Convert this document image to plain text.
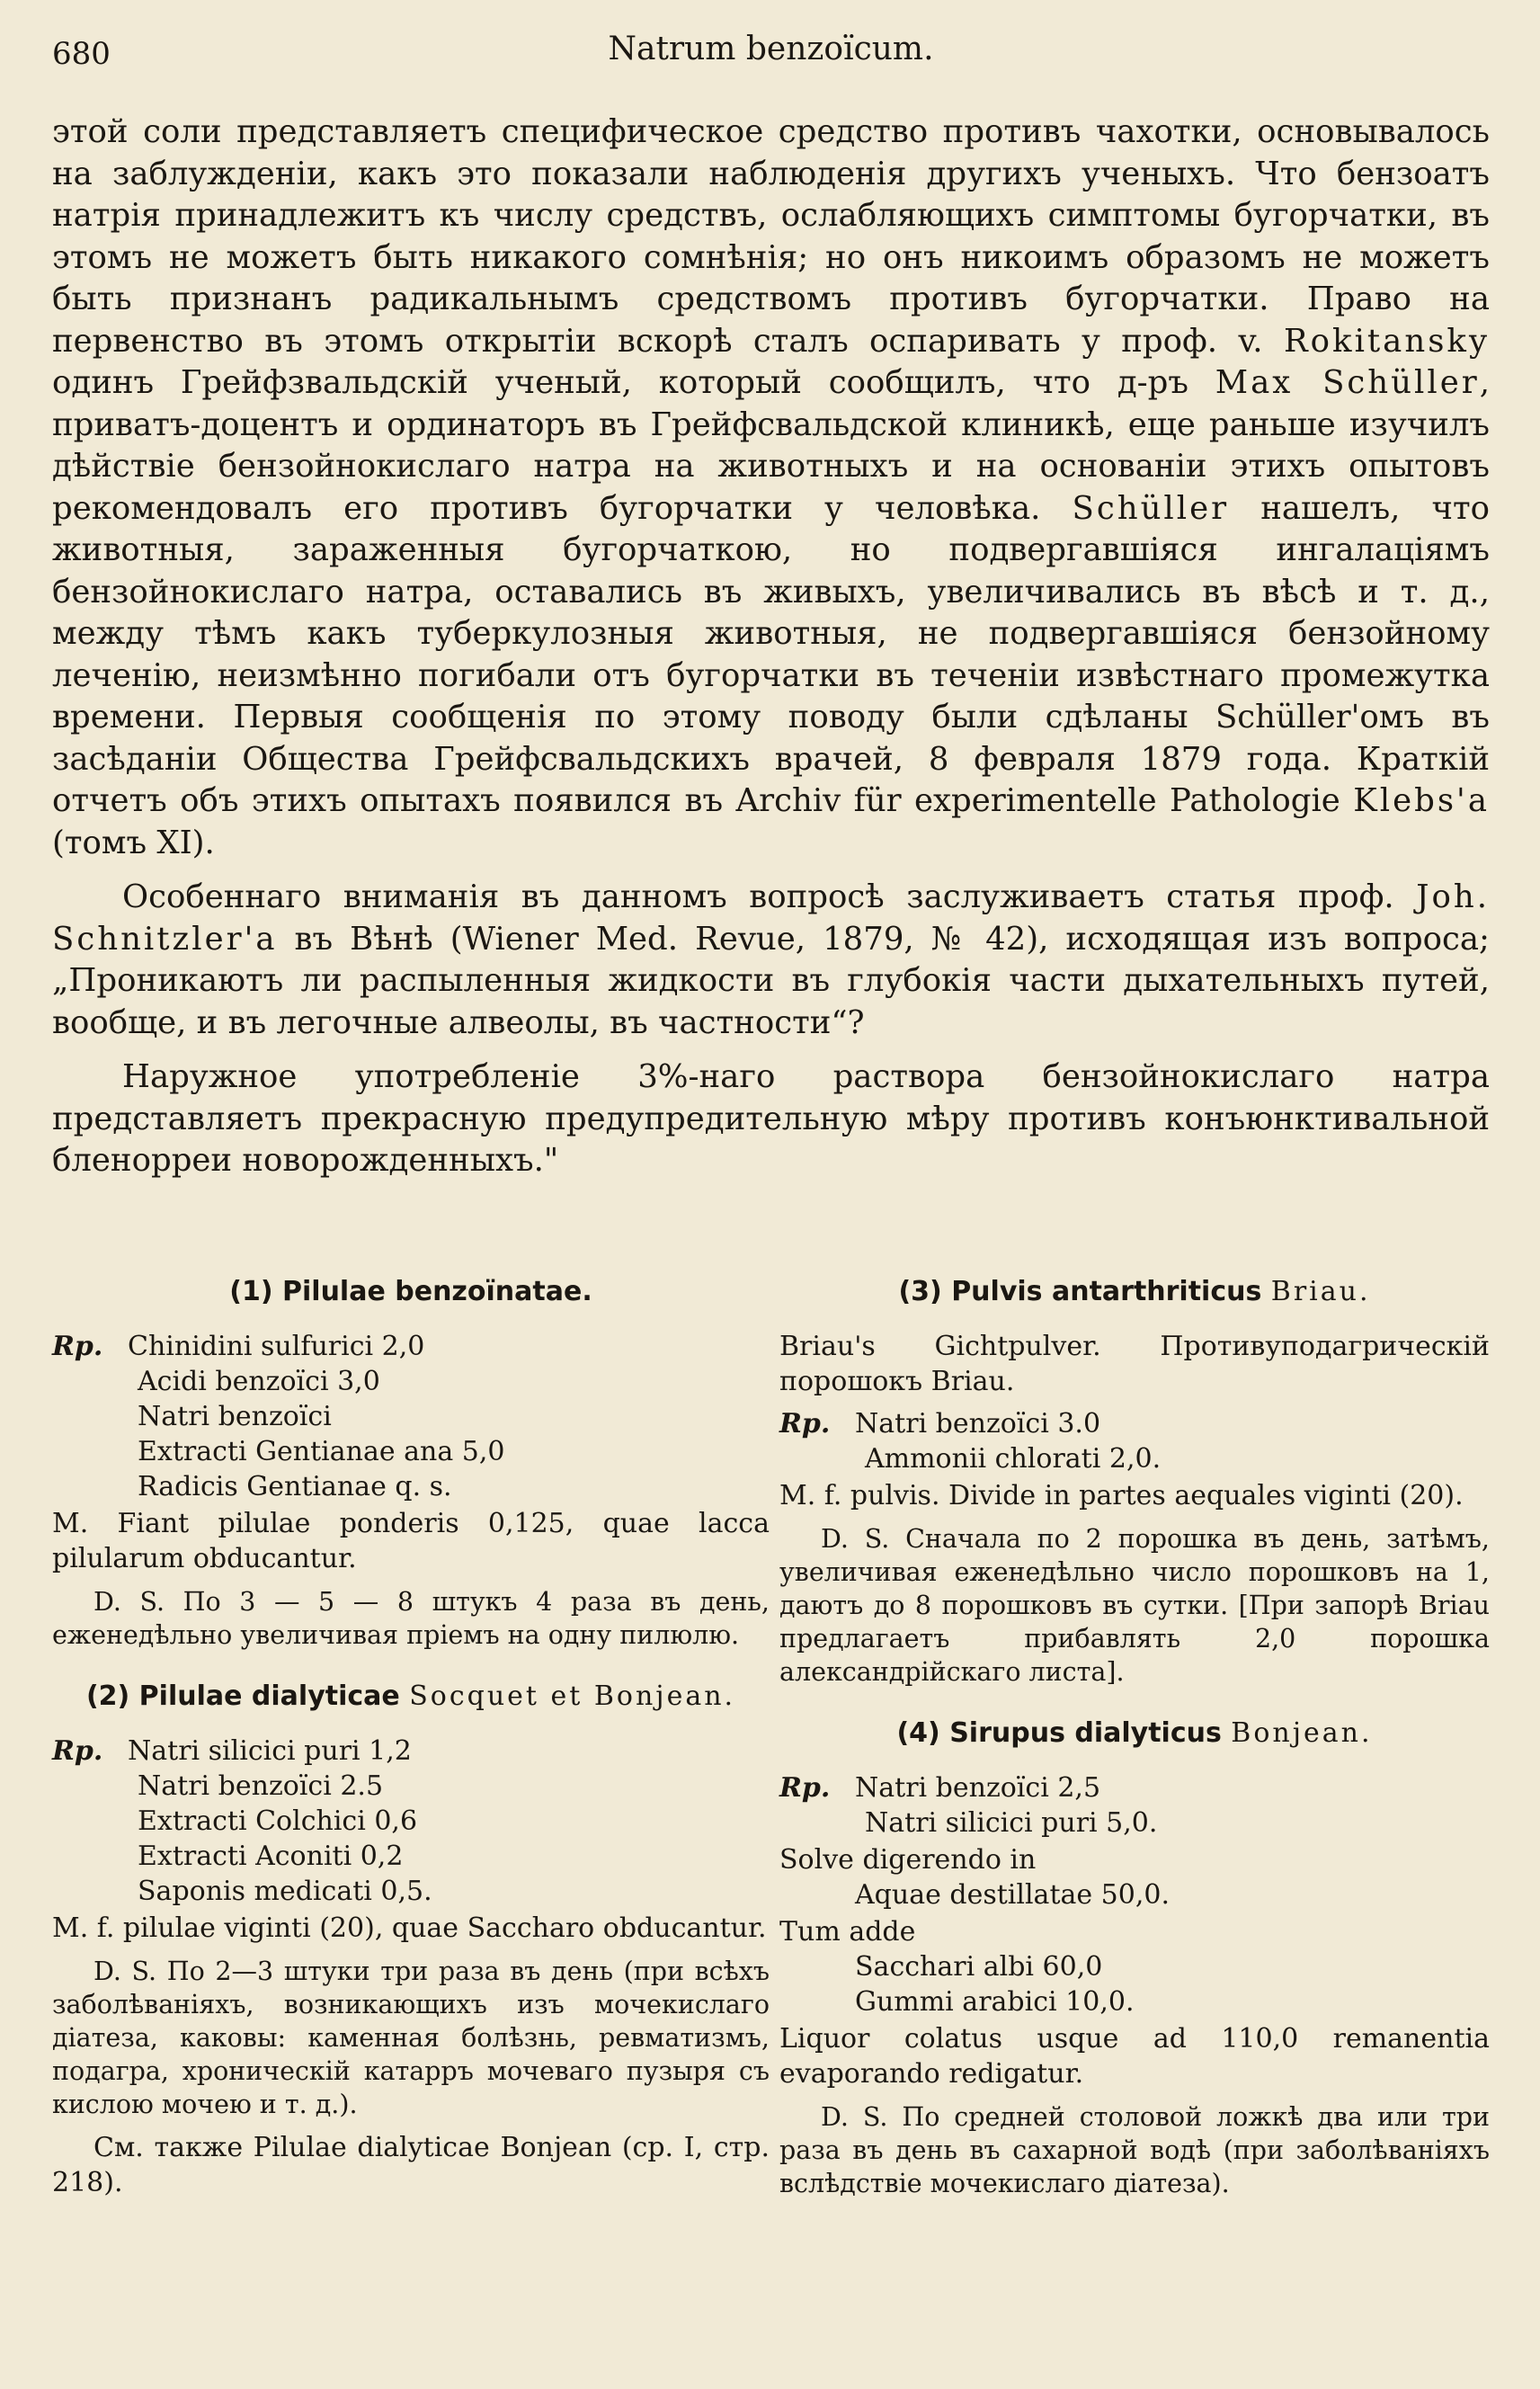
680	Natrum benzoïcum.

этой соли представляетъ специфическое средство противъ чахотки, основывалось на заблужденіи, какъ это показали наблюденія другихъ ученыхъ. Что бензоатъ натрія принадлежитъ къ числу средствъ, ослабляющихъ симптомы бугорчатки, въ этомъ не можетъ быть никакого сомнѣнія; но онъ никоимъ образомъ не можетъ быть признанъ радикальнымъ средствомъ противъ бугорчатки. Право на первенство въ этомъ открытіи вскорѣ сталъ оспаривать у проф. v. Rokitansky одинъ Грейфзвальдскій ученый, который сообщилъ, что д-ръ Max Schüller, приватъ-доцентъ и ординаторъ въ Грейфсвальдской клиникѣ, еще раньше изучилъ дѣйствіе бензойнокислаго натра на животныхъ и на основаніи этихъ опытовъ рекомендовалъ его противъ бугорчатки у человѣка. Schüller нашелъ, что животныя, зараженныя бугорчаткою, но подвергавшіяся ингалаціямъ бензойнокислаго натра, оставались въ живыхъ, увеличивались въ вѣсѣ и т. д., между тѣмъ какъ туберкулозныя животныя, не подвергавшіяся бензойному леченію, неизмѣнно погибали отъ бугорчатки въ теченіи извѣстнаго промежутка времени. Первыя сообщенія по этому поводу были сдѣланы Schüller'омъ въ засѣданіи Общества Грейфсвальдскихъ врачей, 8 февраля 1879 года. Краткій отчетъ объ этихъ опытахъ появился въ Archiv für experimentelle Pathologie Klebs'a (томъ XI).

Особеннаго вниманія въ данномъ вопросѣ заслуживаетъ статья проф. Joh. Schnitzler'a въ Вѣнѣ (Wiener Med. Revue, 1879, № 42), исходящая изъ вопроса; „Проникаютъ ли распыленныя жидкости въ глубокія части дыхательныхъ путей, вообще, и въ легочные алвеолы, въ частности“?

Наружное употребленіе 3%-наго раствора бензойнокислаго натра представляетъ прекрасную предупредительную мѣру противъ конъюнктивальной бленорреи новорожденныхъ."

(1) Pilulae benzoïnatae.
Rp. Chinidini sulfurici 2,0
Acidi benzoïci 3,0
Natri benzoïci
Extracti Gentianae ana 5,0
Radicis Gentianae q. s.

M. Fiant pilulae ponderis 0,125, quae lacca pilularum obducantur.

D. S. По 3 — 5 — 8 штукъ 4 раза въ день, еженедѣльно увеличивая пріемъ на одну пилюлю.

(2) Pilulae dialyticae Socquet et Bonjean.
Rp. Natri silicici puri 1,2
Natri benzoïci 2.5
Extracti Colchici 0,6
Extracti Aconiti 0,2
Saponis medicati 0,5.

M. f. pilulae viginti (20), quae Sacchаro obducantur.

D. S. По 2—3 штуки три раза въ день (при всѣхъ заболѣваніяхъ, возникающихъ изъ мочекислаго діатеза, каковы: каменная болѣзнь, ревматизмъ, подагра, хроническій катарръ мочеваго пузыря съ кислою мочею и т. д.).

См. также Pilulae dialyticae Bonjean (ср. I, стр. 218).

(3) Pulvis antarthriticus Briau.
Briau's Gichtpulver. Противуподагрическій порошокъ Briau.
Rp. Natri benzoïci 3.0
Ammonii chlorati 2,0.

M. f. pulvis. Divide in partes aequales viginti (20).

D. S. Сначала по 2 порошка въ день, затѣмъ, увеличивая еженедѣльно число порошковъ на 1, даютъ до 8 порошковъ въ сутки. [При запорѣ Briau предлагаетъ прибавлять 2,0 порошка александрійскаго листа].

(4) Sirupus dialyticus Bonjean.
Rp. Natri benzoïci 2,5
Natri silicici puri 5,0.
Solve digerendo in
Aquae destillatae 50,0.
Tum adde
Sacchari albi 60,0
Gummi arabici 10,0.

Liquor colatus usque ad 110,0 remanentia evaporando redigatur.

D. S. По средней столовой ложкѣ два или три раза въ день въ сахарной водѣ (при заболѣваніяхъ вслѣдствіе мочекислаго діатеза).
